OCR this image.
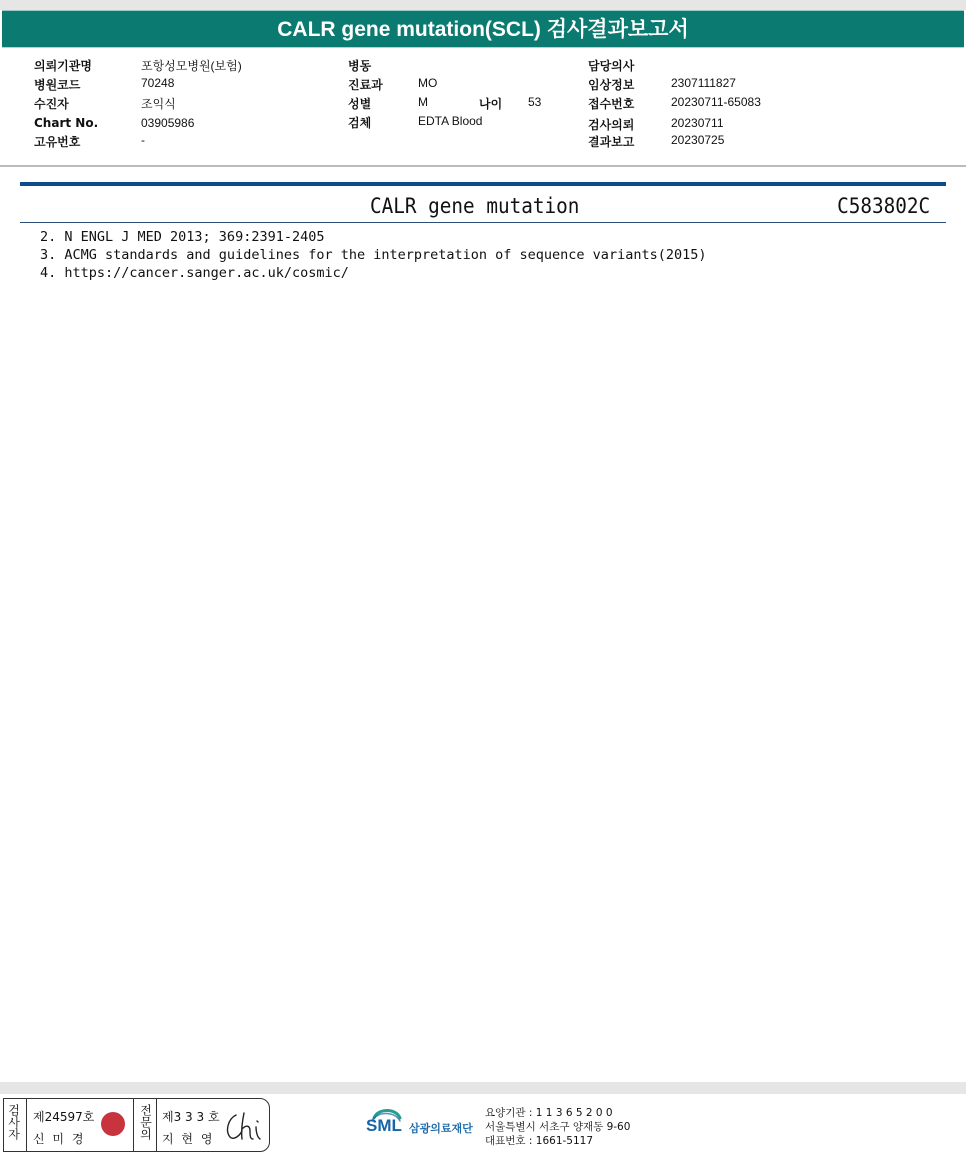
CALR gene mutation(SCL) 검사결과보고서
의뢰기관명	포항성모병원(보험)
병원코드	70248
수진자	조익식
Chart No.	03905986
고유번호	-
병동
진료과	MO
성별	M	나이 53
검체	EDTA Blood
담당의사
임상정보	2307111827
접수번호	20230711-65083
검사의뢰	20230711
결과보고	20230725
CALR gene mutation	C583802C
2. N ENGL J MED 2013; 369:2391-2405
3. ACMG standards and guidelines for the interpretation of sequence variants(2015)
4. https://cancer.sanger.ac.uk/cosmic/
검사자 제24597호
신 미 경	전문의 제3 3 3 호
지 현 영
SML 삼광의료재단
요양기관 : 1 1 3 6 5 2 0 0
서울특별시 서초구 양재동 9-60
대표번호 : 1661-5117
